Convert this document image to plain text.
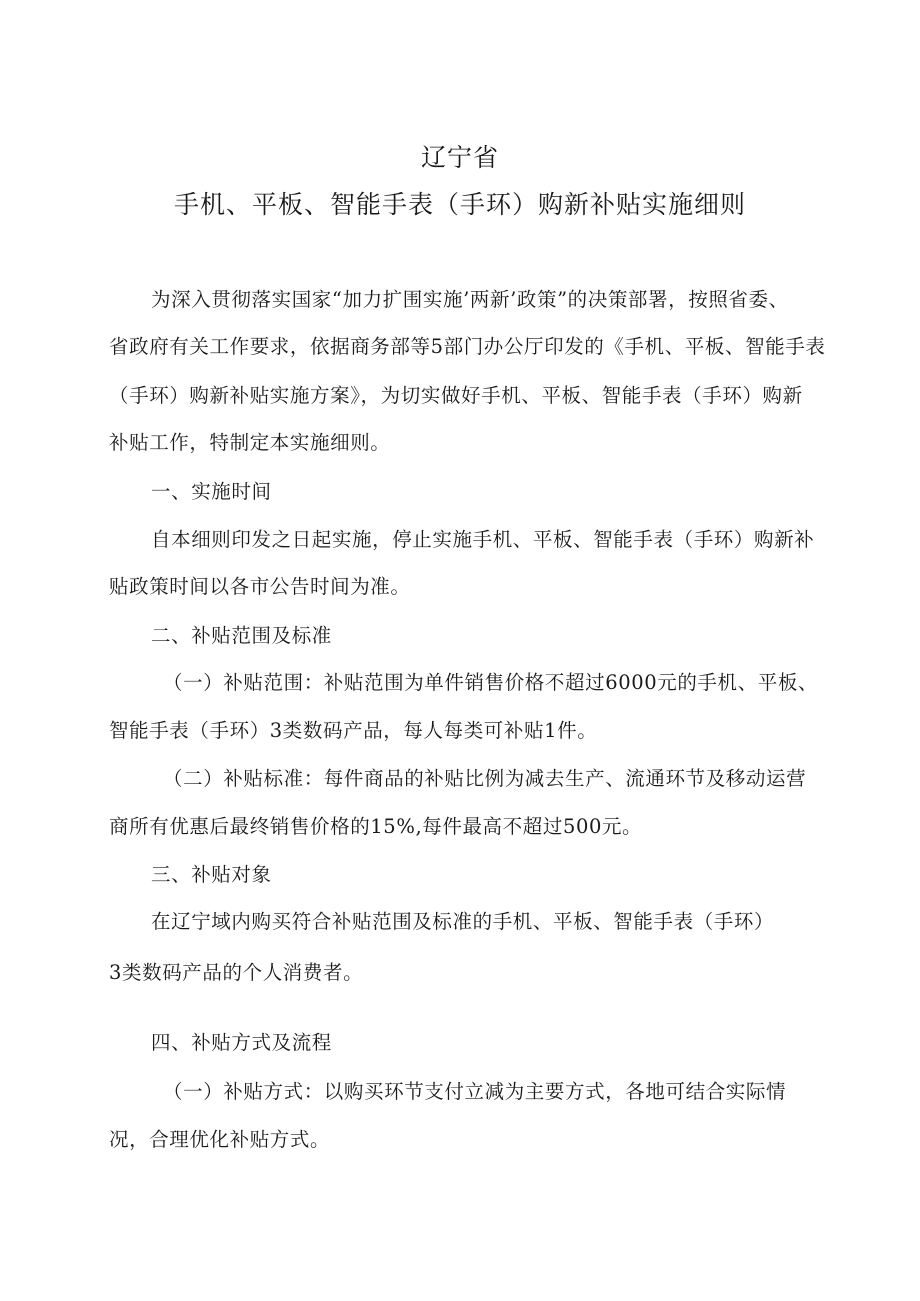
辽宁省
手机、平板、智能手表（手环）购新补贴实施细则
为深入贯彻落实国家“加力扩围实施’两新’政策”的决策部署，按照省委、
省政府有关工作要求，依据商务部等5部门办公厅印发的《手机、平板、智能手表
（手环）购新补贴实施方案》，为切实做好手机、平板、智能手表（手环）购新
补贴工作，特制定本实施细则。
一、实施时间
自本细则印发之日起实施，停止实施手机、平板、智能手表（手环）购新补
贴政策时间以各市公告时间为准。
二、补贴范围及标准
（一）补贴范围：补贴范围为单件销售价格不超过6000元的手机、平板、
智能手表（手环）3类数码产品，每人每类可补贴1件。
（二）补贴标准：每件商品的补贴比例为减去生产、流通环节及移动运营
商所有优惠后最终销售价格的15%,每件最高不超过500元。
三、补贴对象
在辽宁域内购买符合补贴范围及标准的手机、平板、智能手表（手环）
3类数码产品的个人消费者。
四、补贴方式及流程
（一）补贴方式：以购买环节支付立减为主要方式，各地可结合实际情
况，合理优化补贴方式。
